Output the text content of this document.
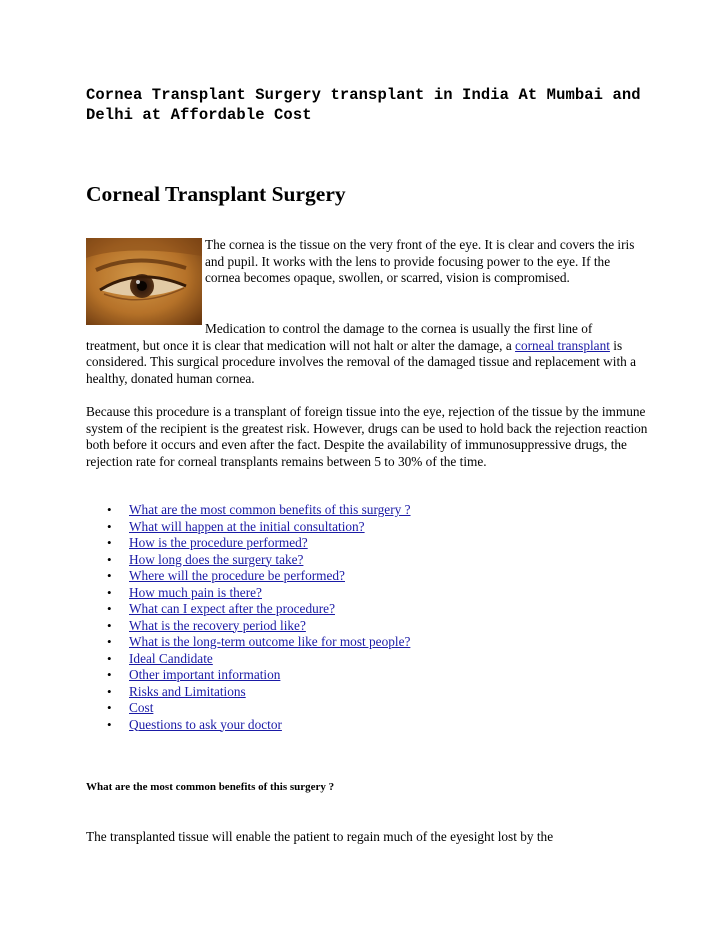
Cornea Transplant Surgery transplant in India At Mumbai and Delhi at Affordable Cost
Corneal Transplant Surgery

The cornea is the tissue on the very front of the eye. It is clear and covers the iris and pupil. It works with the lens to provide focusing power to the eye. If the cornea becomes opaque, swollen, or scarred, vision is compromised.

Medication to control the damage to the cornea is usually the first line of treatment, but once it is clear that medication will not halt or alter the damage, a corneal transplant is considered. This surgical procedure involves the removal of the damaged tissue and replacement with a healthy, donated human cornea.

Because this procedure is a transplant of foreign tissue into the eye, rejection of the tissue by the immune system of the recipient is the greatest risk. However, drugs can be used to hold back the rejection reaction both before it occurs and even after the fact. Despite the availability of immunosuppressive drugs, the rejection rate for corneal transplants remains between 5 to 30% of the time.

• What are the most common benefits of this surgery ?
• What will happen at the initial consultation?
• How is the procedure performed?
• How long does the surgery take?
• Where will the procedure be performed?
• How much pain is there?
• What can I expect after the procedure?
• What is the recovery period like?
• What is the long-term outcome like for most people?
• Ideal Candidate
• Other important information
• Risks and Limitations
• Cost
• Questions to ask your doctor
What are the most common benefits of this surgery ?

The transplanted tissue will enable the patient to regain much of the eyesight lost by the
